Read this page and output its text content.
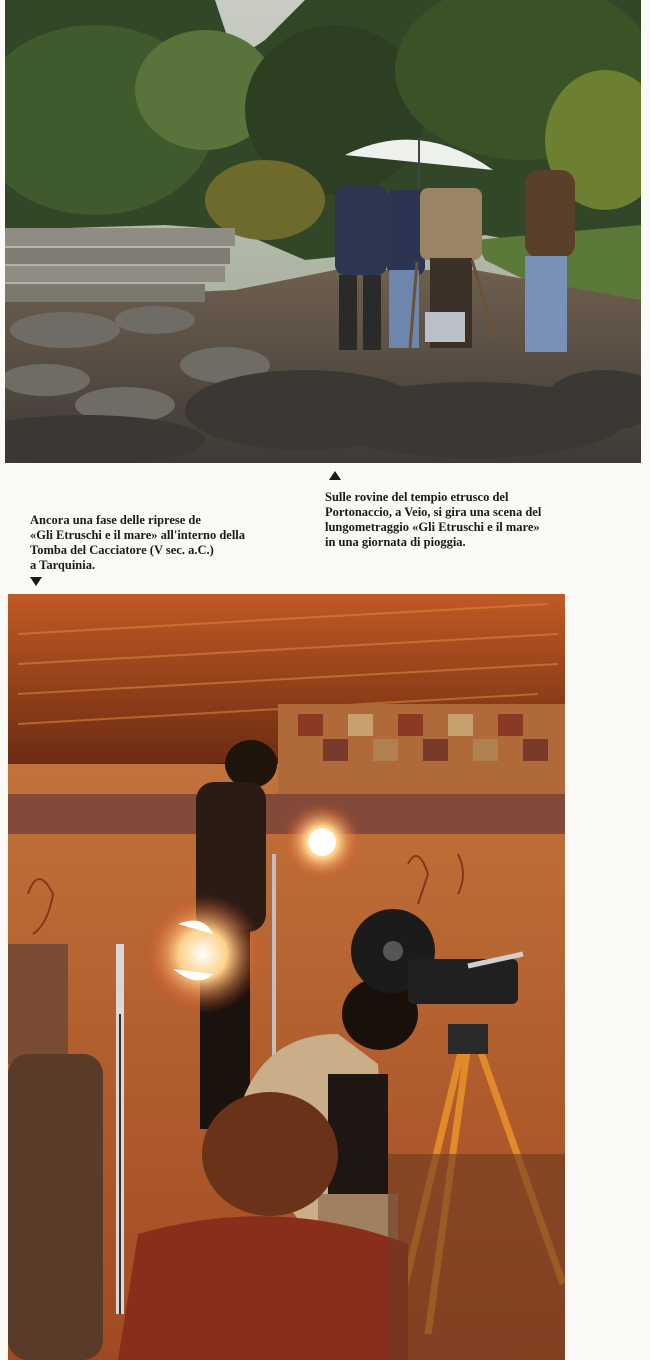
Sulle rovine del tempio etrusco del
Portonaccio, a Veio, si gira una scena del
lungometraggio «Gli Etruschi e il mare»
in una giornata di pioggia.
Ancora una fase delle riprese de
«Gli Etruschi e il mare» all'interno della
Tomba del Cacciatore (V sec. a.C.)
a Tarquinia.
